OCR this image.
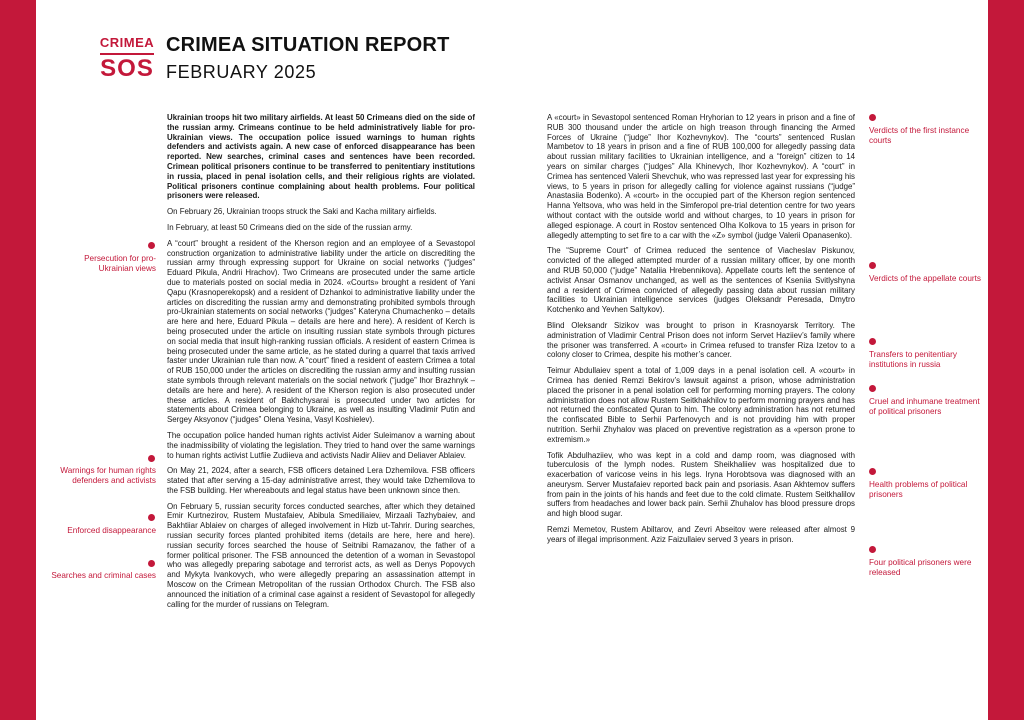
CRIMEA
SOS
CRIMEA SITUATION REPORT
FEBRUARY 2025

Ukrainian troops hit two military airfields. At least 50 Crimeans died on the side of the russian army. Crimeans continue to be held administratively liable for pro-Ukrainian views. The occupation police issued warnings to human rights defenders and activists again. A new case of enforced disappearance has been reported. New searches, criminal cases and sentences have been recorded. Crimean political prisoners continue to be transferred to penitentiary institutions in russia, placed in penal isolation cells, and their religious rights are violated. Political prisoners continue complaining about health problems. Four political prisoners were released.

On February 26, Ukrainian troops struck the Saki and Kacha military airfields.

In February, at least 50 Crimeans died on the side of the russian army.

A “court” brought a resident of the Kherson region and an employee of a Sevastopol construction organization to administrative liability under the article on discrediting the russian army through expressing support for Ukraine on social networks (“judges” Eduard Pikula, Andrii Hrachov). Two Crimeans are prosecuted under the same article due to materials posted on social media in 2024. «Courts» brought a resident of Yani Qapu (Krasnoperekopsk) and a resident of Dzhankoi to administrative liability under the articles on discrediting the russian army and demonstrating prohibited symbols through pro-Ukrainian statements on social networks (“judges” Kateryna Chumachenko – details are here and here, Eduard Pikula – details are here and here). A resident of Kerch is being prosecuted under the article on insulting russian state symbols through pictures on social media that insult high-ranking russian officials. A resident of eastern Crimea is being prosecuted under the same article, as he stated during a quarrel that taxis arrived faster under Ukrainian rule than now. A “court” fined a resident of eastern Crimea a total of RUB 150,000 under the articles on discrediting the russian army and insulting russian state symbols through relevant materials on the social network (“judge” Ihor Brazhnyk – details are here and here). A resident of the Kherson region is also prosecuted under these articles. A resident of Bakhchysarai is prosecuted under two articles for statements about Crimea belonging to Ukraine, as well as insulting Vladimir Putin and Sergey Aksyonov (“judges” Olena Yesina, Vasyl Koshielev).

The occupation police handed human rights activist Aider Suleimanov a warning about the inadmissibility of violating the legislation. They tried to hand over the same warnings to human rights activist Lutfiie Zudiieva and activists Nadir Aliiev and Deliaver Ablaiev.

On May 21, 2024, after a search, FSB officers detained Lera Dzhemilova. FSB officers stated that after serving a 15-day administrative arrest, they would take Dzhemilova to the FSB building. Her whereabouts and legal status have been unknown since then.

On February 5, russian security forces conducted searches, after which they detained Emir Kurtnezirov, Rustem Mustafaiev, Abibula Smediliaiev, Mirzaali Tazhybaiev, and Bakhtiiar Ablaiev on charges of alleged involvement in Hizb ut-Tahrir. During searches, russian security forces planted prohibited items (details are here, here and here). russian security forces searched the house of Seitnibi Ramazanov, the father of a former political prisoner. The FSB announced the detention of a woman in Sevastopol who was allegedly preparing sabotage and terrorist acts, as well as Denys Popovych and Mykyta Ivankovych, who were allegedly preparing an assassination attempt in Moscow on the Crimean Metropolitan of the russian Orthodox Church. The FSB also announced the initiation of a criminal case against a resident of Sevastopol for allegedly calling for the murder of russians on Telegram.

A «court» in Sevastopol sentenced Roman Hryhorian to 12 years in prison and a fine of RUB 300 thousand under the article on high treason through financing the Armed Forces of Ukraine (“judge” Ihor Kozhevnykov). The “courts” sentenced Ruslan Mambetov to 18 years in prison and a fine of RUB 100,000 for allegedly passing data about russian military facilities to Ukrainian intelligence, and a “foreign” citizen to 14 years on similar charges (“judges” Alla Khinevych, Ihor Kozhevnykov). A “court” in Crimea has sentenced Valerii Shevchuk, who was repressed last year for expressing his views, to 5 years in prison for allegedly calling for violence against russians (“judge” Anastasiia Bodenko). A «court» in the occupied part of the Kherson region sentenced Hanna Yeltsova, who was held in the Simferopol pre-trial detention centre for two years without contact with the outside world and without charges, to 10 years in prison for alleged espionage. A court in Rostov sentenced Olha Kolkova to 15 years in prison for allegedly attempting to set fire to a car with the «Z» symbol (judge Valerii Opanasenko).

The “Supreme Court” of Crimea reduced the sentence of Viacheslav Piskunov, convicted of the alleged attempted murder of a russian military officer, by one month and RUB 50,000 (“judge” Nataliia Hrebennikova). Appellate courts left the sentence of activist Ansar Osmanov unchanged, as well as the sentences of Kseniia Svitlyshyna and a resident of Crimea convicted of allegedly passing data about russian military facilities to Ukrainian intelligence services (judges Oleksandr Peresada, Dmytro Kotchenko and Yevhen Saltykov).

Blind Oleksandr Sizikov was brought to prison in Krasnoyarsk Territory. The administration of Vladimir Central Prison does not inform Servet Haziiev’s family where the prisoner was transferred. A «court» in Crimea refused to transfer Riza Izetov to a colony closer to Crimea, despite his mother’s cancer.

Teimur Abdullaiev spent a total of 1,009 days in a penal isolation cell. A «court» in Crimea has denied Remzi Bekirov’s lawsuit against a prison, whose administration placed the prisoner in a penal isolation cell for performing morning prayers. The colony administration does not allow Rustem Seitkhakhilov to perform morning prayers and has not returned the confiscated Quran to him. The colony administration has not returned the confiscated Bible to Serhii Parfenovych and is not providing him with proper nutrition. Serhii Zhyhalov was placed on preventive registration as a «person prone to extremism.»

Tofik Abdulhaziiev, who was kept in a cold and damp room, was diagnosed with tuberculosis of the lymph nodes. Rustem Sheikhaliiev was hospitalized due to exacerbation of varicose veins in his legs. Iryna Horobtsova was diagnosed with an aneurysm. Server Mustafaiev reported back pain and psoriasis. Asan Akhtemov suffers from pain in the joints of his hands and feet due to the cold climate. Rustem Seitkhalilov suffers from headaches and lower back pain. Serhii Zhuhalov has blood pressure drops and high blood sugar.

Remzi Memetov, Rustem Abiltarov, and Zevri Abseitov were released after almost 9 years of illegal imprisonment. Aziz Faizullaiev served 3 years in prison.

Persecution for pro-Ukrainian views
Warnings for human rights defenders and activists
Enforced disappearance
Searches and criminal cases
Verdicts of the first instance courts
Verdicts of the appellate courts
Transfers to penitentiary institutions in russia
Cruel and inhumane treatment of political prisoners
Health problems of political prisoners
Four political prisoners were released
